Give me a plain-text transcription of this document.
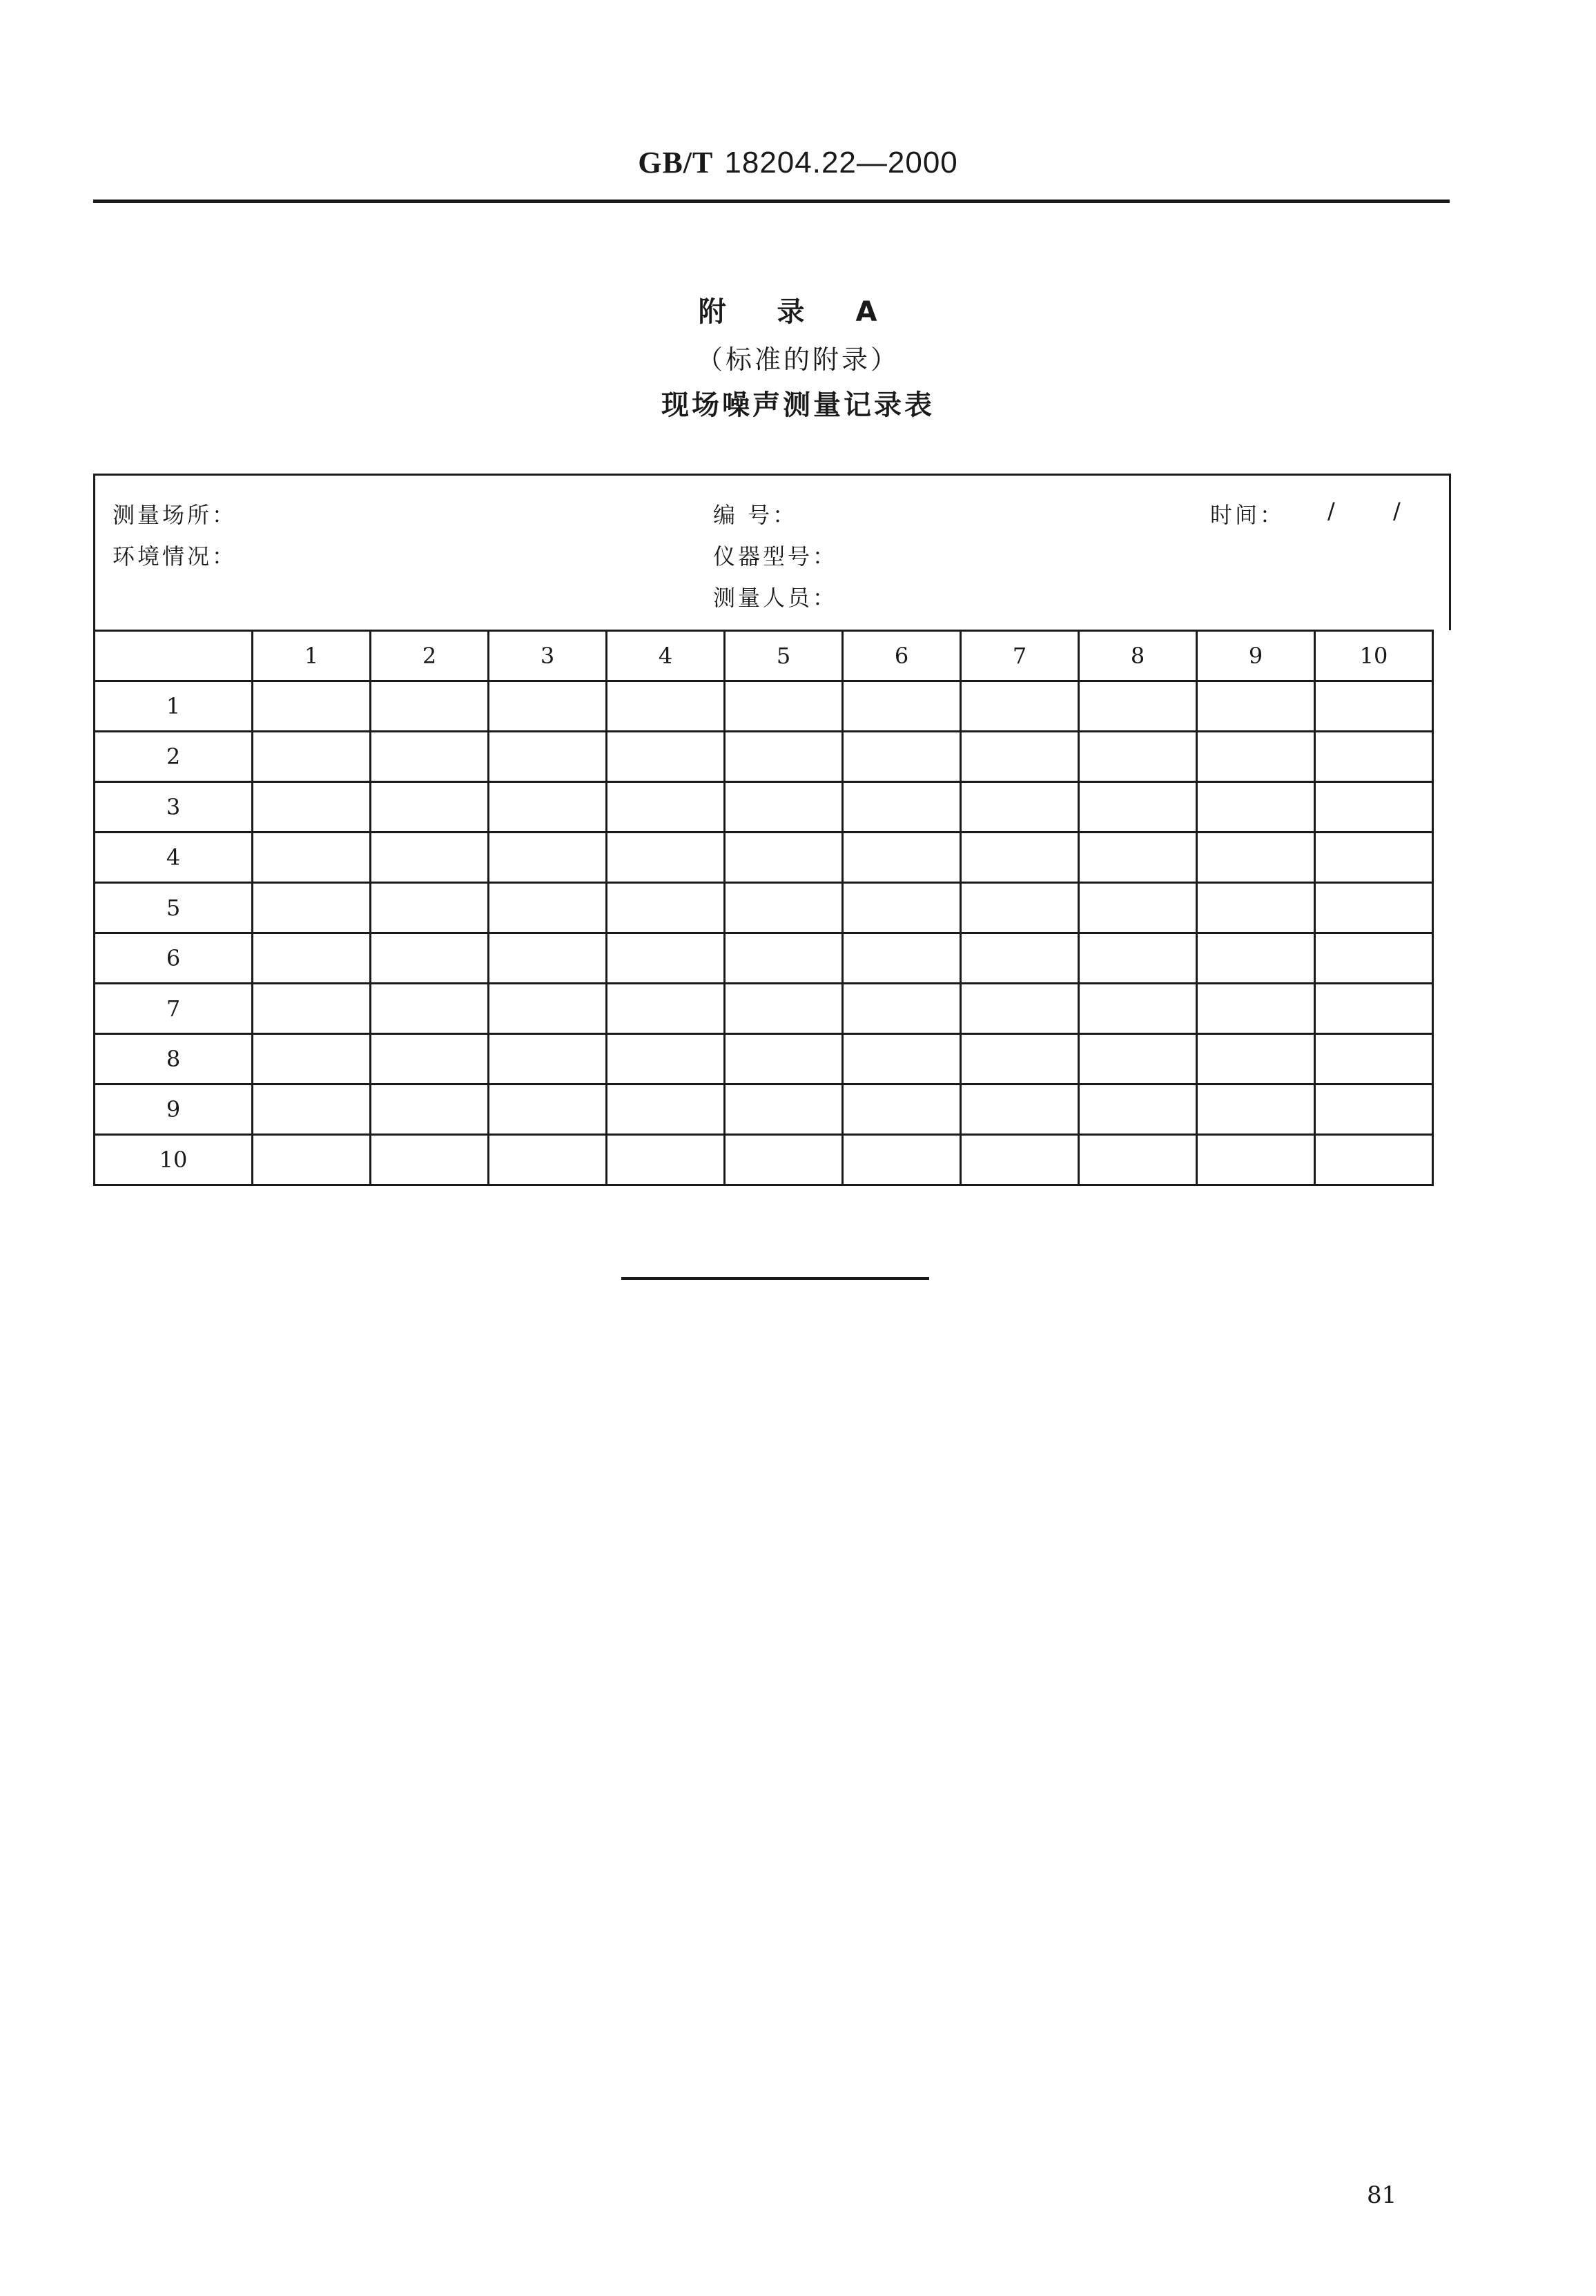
GB/T 18204.22—2000
附 录 A
（标准的附录）
现场噪声测量记录表
测量场所：
环境情况：
编 号：
仪器型号：
测量人员：
时间： /	/
	1	2	3	4	5	6	7	8	9	10
1										
2										
3										
4										
5										
6										
7										
8										
9										
10										
81
